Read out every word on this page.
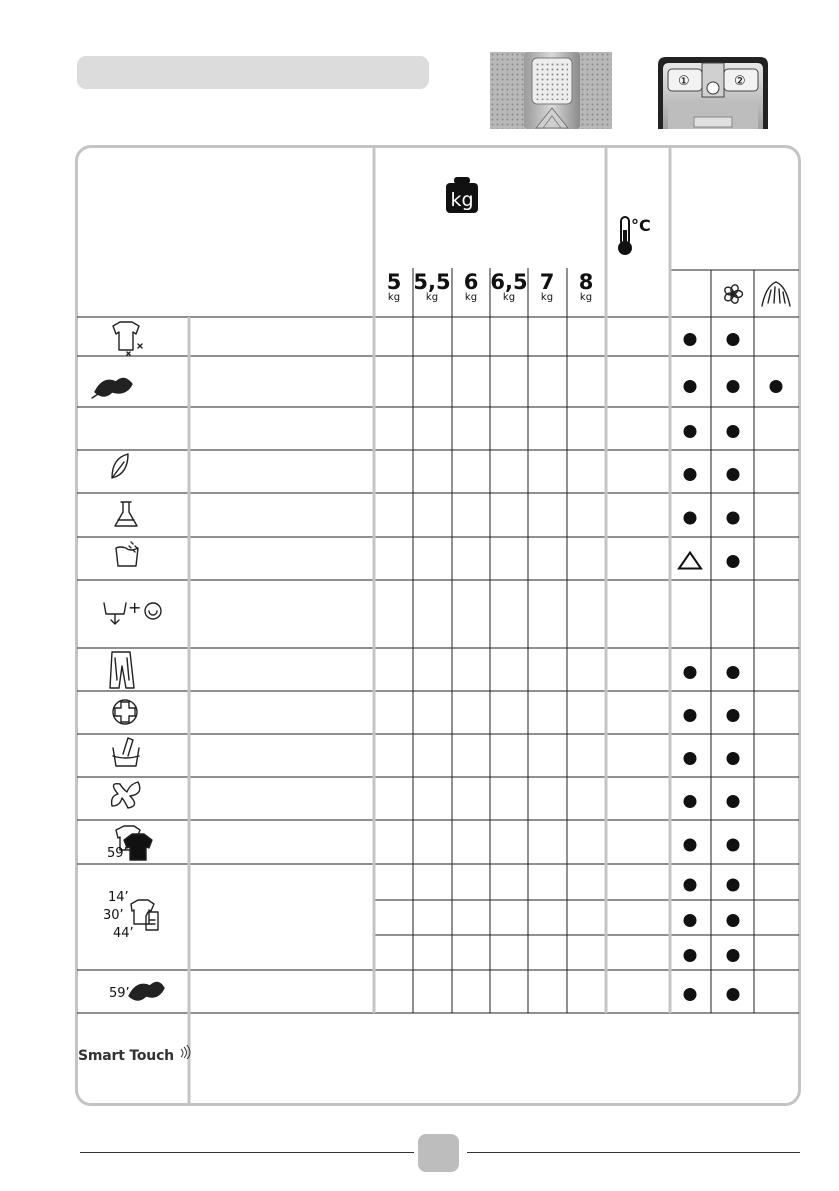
①	②
kg
°C
5
kg
5,5
kg
6
kg
6,5
kg
7
kg
8
kg
14’
30’
44’
59’
59’
+
Smart Touch
